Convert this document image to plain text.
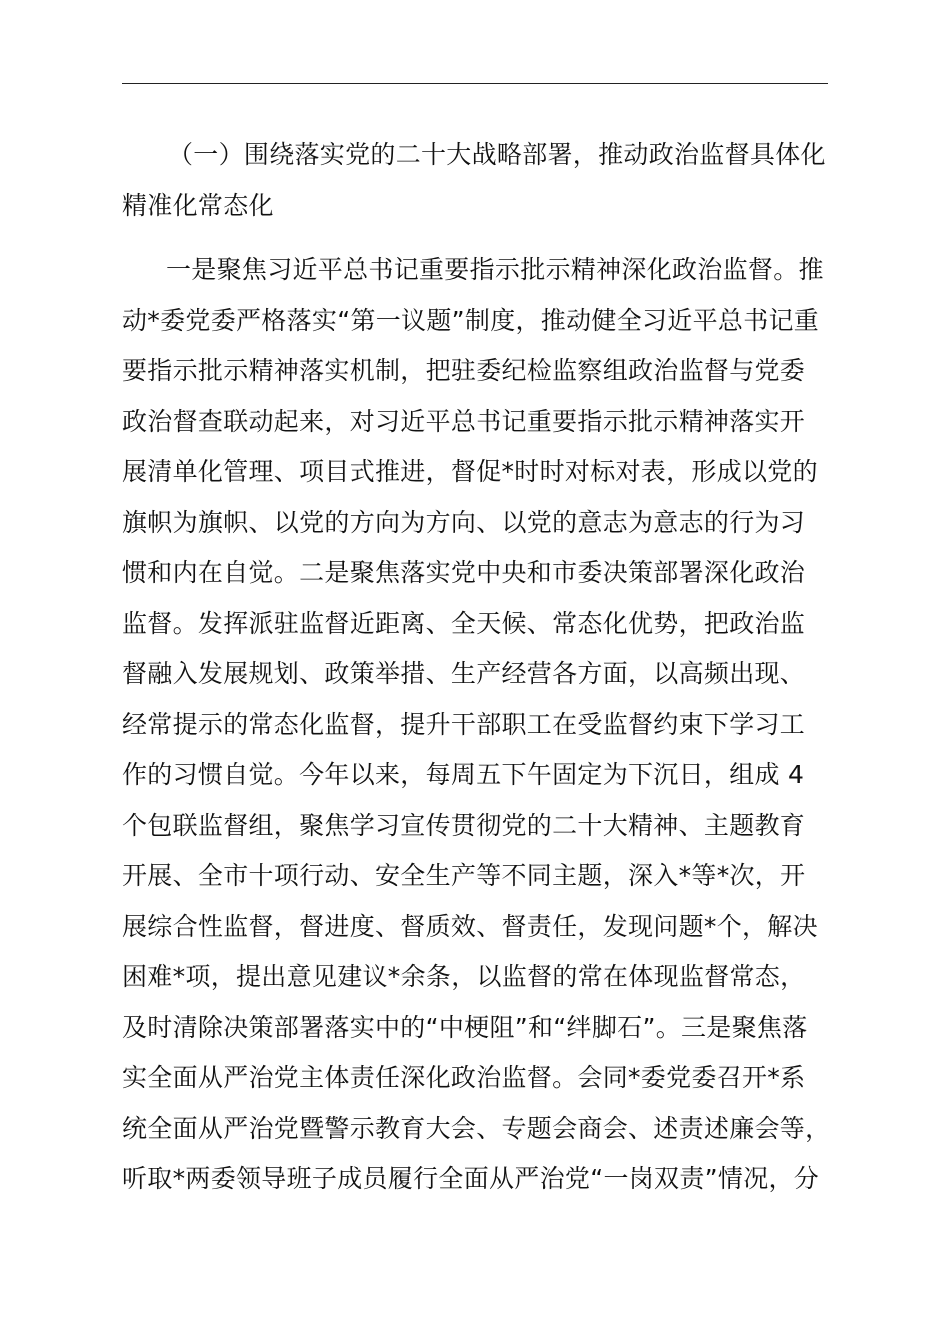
（一）围绕落实党的二十大战略部署，推动政治监督具体化
精准化常态化
一是聚焦习近平总书记重要指示批示精神深化政治监督。推
动*委党委严格落实“第一议题”制度，推动健全习近平总书记重
要指示批示精神落实机制，把驻委纪检监察组政治监督与党委
政治督查联动起来，对习近平总书记重要指示批示精神落实开
展清单化管理、项目式推进，督促*时时对标对表，形成以党的
旗帜为旗帜、以党的方向为方向、以党的意志为意志的行为习
惯和内在自觉。二是聚焦落实党中央和市委决策部署深化政治
监督。发挥派驻监督近距离、全天候、常态化优势，把政治监
督融入发展规划、政策举措、生产经营各方面，以高频出现、
经常提示的常态化监督，提升干部职工在受监督约束下学习工
作的习惯自觉。今年以来，每周五下午固定为下沉日，组成 4
个包联监督组，聚焦学习宣传贯彻党的二十大精神、主题教育
开展、全市十项行动、安全生产等不同主题，深入*等*次，开
展综合性监督，督进度、督质效、督责任，发现问题*个，解决
困难*项，提出意见建议*余条，以监督的常在体现监督常态，
及时清除决策部署落实中的“中梗阻”和“绊脚石”。三是聚焦落
实全面从严治党主体责任深化政治监督。会同*委党委召开*系
统全面从严治党暨警示教育大会、专题会商会、述责述廉会等，
听取*两委领导班子成员履行全面从严治党“一岗双责”情况，分
